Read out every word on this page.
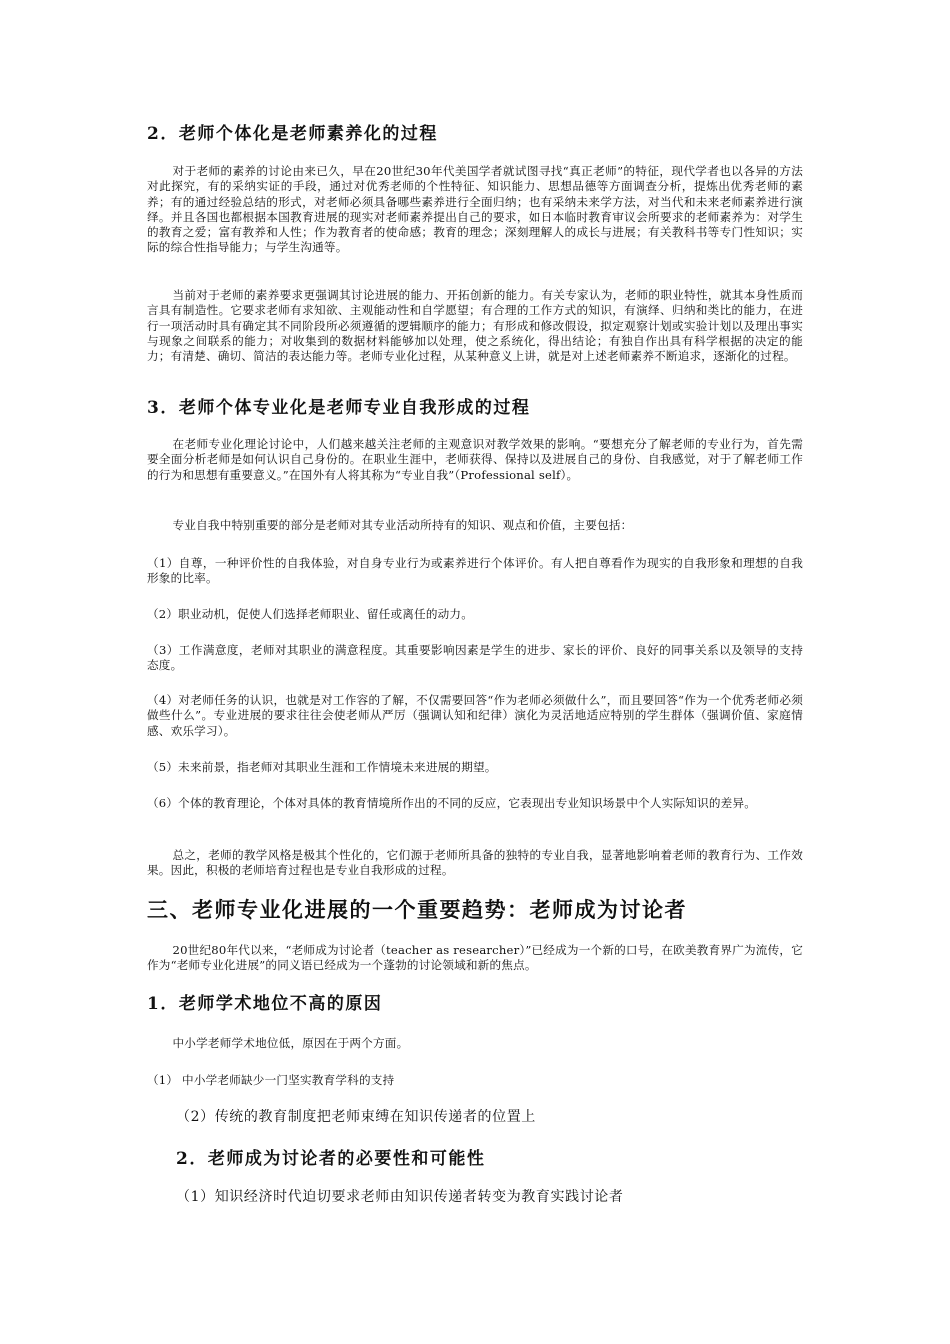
2．老师个体化是老师素养化的过程

对于老师的素养的讨论由来已久，早在20世纪30年代美国学者就试图寻找“真正老师”的特征，现代学者也以各异的方法对此探究，有的采纳实证的手段，通过对优秀老师的个性特征、知识能力、思想品德等方面调查分析，提炼出优秀老师的素养；有的通过经验总结的形式，对老师必须具备哪些素养进行全面归纳；也有采纳未来学方法，对当代和未来老师素养进行演绎。并且各国也都根据本国教育进展的现实对老师素养提出自己的要求，如日本临时教育审议会所要求的老师素养为：对学生的教育之爱；富有教养和人性；作为教育者的使命感；教育的理念；深刻理解人的成长与进展；有关教科书等专门性知识；实际的综合性指导能力；与学生沟通等。

当前对于老师的素养要求更强调其讨论进展的能力、开拓创新的能力。有关专家认为，老师的职业特性，就其本身性质而言具有制造性。它要求老师有求知欲、主观能动性和自学愿望；有合理的工作方式的知识，有演绎、归纳和类比的能力，在进行一项活动时具有确定其不同阶段所必须遵循的逻辑顺序的能力；有形成和修改假设，拟定观察计划或实验计划以及理出事实与现象之间联系的能力；对收集到的数据材料能够加以处理，使之系统化，得出结论；有独自作出具有科学根据的决定的能力；有清楚、确切、简洁的表达能力等。老师专业化过程，从某种意义上讲，就是对上述老师素养不断追求，逐渐化的过程。

3．老师个体专业化是老师专业自我形成的过程

在老师专业化理论讨论中，人们越来越关注老师的主观意识对教学效果的影响。“要想充分了解老师的专业行为，首先需要全面分析老师是如何认识自己身份的。在职业生涯中，老师获得、保持以及进展自己的身份、自我感觉，对于了解老师工作的行为和思想有重要意义。”在国外有人将其称为“专业自我”（Professional self）。

专业自我中特别重要的部分是老师对其专业活动所持有的知识、观点和价值，主要包括：

（1）自尊，一种评价性的自我体验，对自身专业行为或素养进行个体评价。有人把自尊看作为现实的自我形象和理想的自我形象的比率。

（2）职业动机，促使人们选择老师职业、留任或离任的动力。

（3）工作满意度，老师对其职业的满意程度。其重要影响因素是学生的进步、家长的评价、良好的同事关系以及领导的支持态度。

（4）对老师任务的认识，也就是对工作容的了解，不仅需要回答“作为老师必须做什么”，而且要回答“作为一个优秀老师必须做些什么”。专业进展的要求往往会使老师从严厉（强调认知和纪律）演化为灵活地适应特别的学生群体（强调价值、家庭情感、欢乐学习）。

（5）未来前景，指老师对其职业生涯和工作情境未来进展的期望。

（6）个体的教育理论，个体对具体的教育情境所作出的不同的反应，它表现出专业知识场景中个人实际知识的差异。

总之，老师的教学风格是极其个性化的，它们源于老师所具备的独特的专业自我，显著地影响着老师的教育行为、工作效果。因此，积极的老师培育过程也是专业自我形成的过程。

三、老师专业化进展的一个重要趋势：老师成为讨论者

20世纪80年代以来，“老师成为讨论者（teacher as researcher）”已经成为一个新的口号，在欧美教育界广为流传，它作为“老师专业化进展”的同义语已经成为一个蓬勃的讨论领域和新的焦点。

1．老师学术地位不高的原因

中小学老师学术地位低，原因在于两个方面。

（1） 中小学老师缺少一门坚实教育学科的支持

（2）传统的教育制度把老师束缚在知识传递者的位置上

2．老师成为讨论者的必要性和可能性

（1）知识经济时代迫切要求老师由知识传递者转变为教育实践讨论者
